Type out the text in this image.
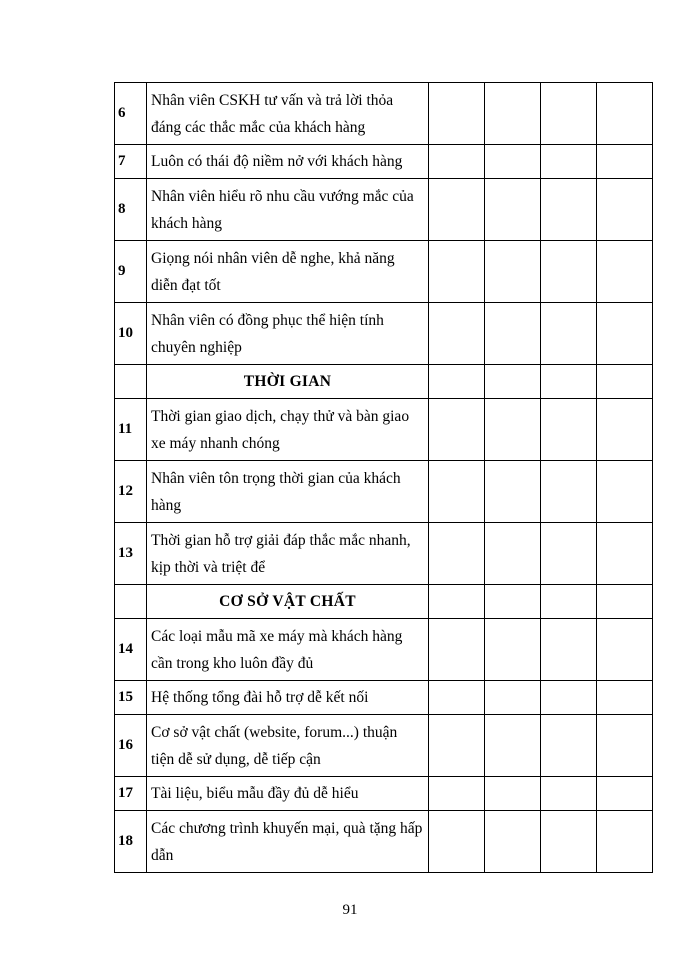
6	Nhân viên CSKH tư vấn và trả lời thỏa đáng các thắc mắc của khách hàng				
7	Luôn có thái độ niềm nở với khách hàng				
8	Nhân viên hiểu rõ nhu cầu vướng mắc của khách hàng				
9	Giọng nói nhân viên dễ nghe, khả năng diễn đạt tốt				
10	Nhân viên có đồng phục thể hiện tính chuyên nghiệp				
	THỜI GIAN				
11	Thời gian giao dịch, chạy thử và bàn giao xe máy nhanh chóng				
12	Nhân viên tôn trọng thời gian của khách hàng				
13	Thời gian hỗ trợ giải đáp thắc mắc nhanh, kịp thời và triệt để				
	CƠ SỞ VẬT CHẤT				
14	Các loại mẫu mã xe máy mà khách hàng cần trong kho luôn đầy đủ				
15	Hệ thống tổng đài hỗ trợ dễ kết nối				
16	Cơ sở vật chất (website, forum...) thuận tiện dễ sử dụng, dễ tiếp cận				
17	Tài liệu, biểu mẫu đầy đủ dễ hiểu				
18	Các chương trình khuyến mại, quà tặng hấp dẫn				
91
